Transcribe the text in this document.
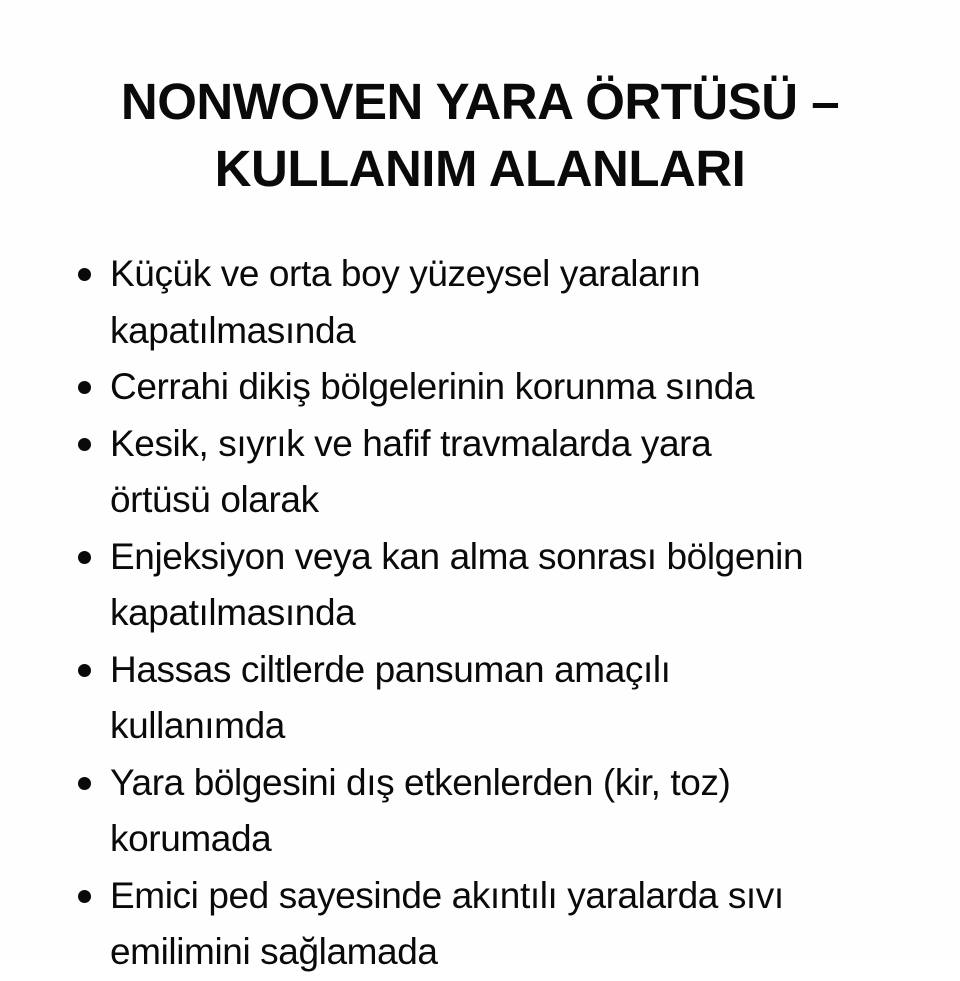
NONWOVEN YARA ÖRTÜSÜ –
KULLANIM ALANLARI
Küçük ve orta boy yüzeysel yaraların
kapatılmasında
Cerrahi dikiş bölgelerinin korunma sında
Kesik, sıyrık ve hafif travmalarda yara
örtüsü olarak
Enjeksiyon veya kan alma sonrası bölgenin
kapatılmasında
Hassas ciltlerde pansuman amaçılı
kullanımda
Yara bölgesini dış etkenlerden (kir, toz)
korumada
Emici ped sayesinde akıntılı yaralarda sıvı
emilimini sağlamada
